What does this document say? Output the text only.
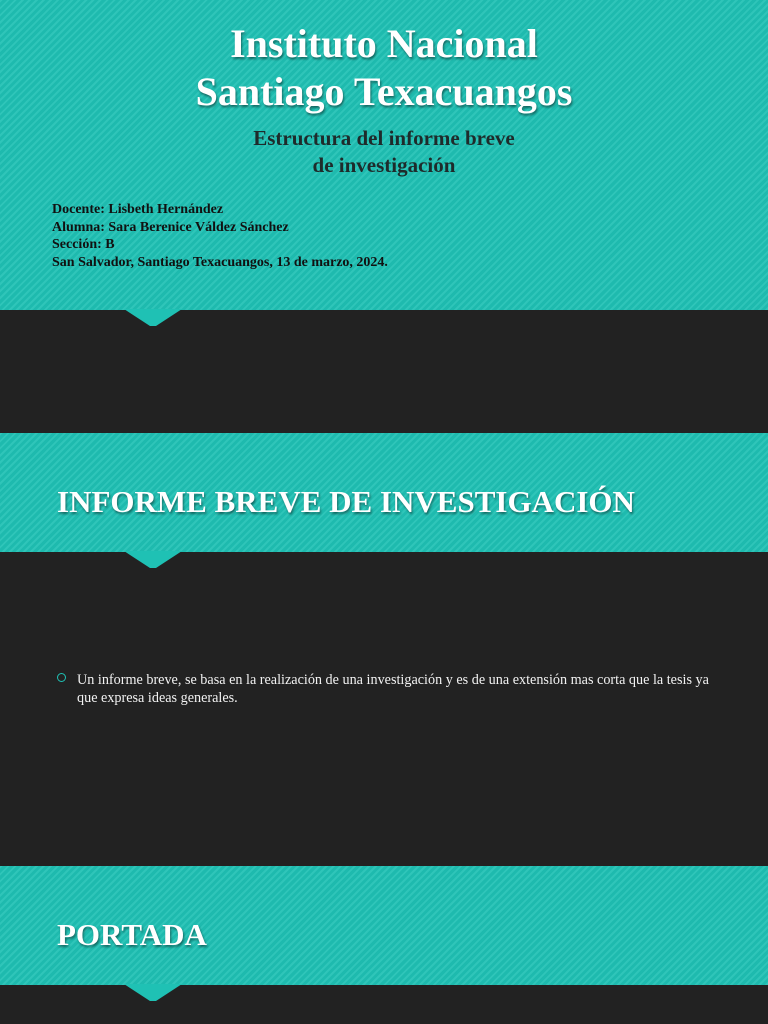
Instituto Nacional
Santiago Texacuangos
Estructura del informe breve
de investigación
Docente: Lisbeth Hernández
Alumna: Sara Berenice Váldez Sánchez
Sección: B
San Salvador, Santiago Texacuangos, 13 de marzo, 2024.
INFORME BREVE DE INVESTIGACIÓN
Un informe breve, se basa en la realización de una investigación y es de una extensión mas corta que la tesis ya que expresa ideas generales.
PORTADA
